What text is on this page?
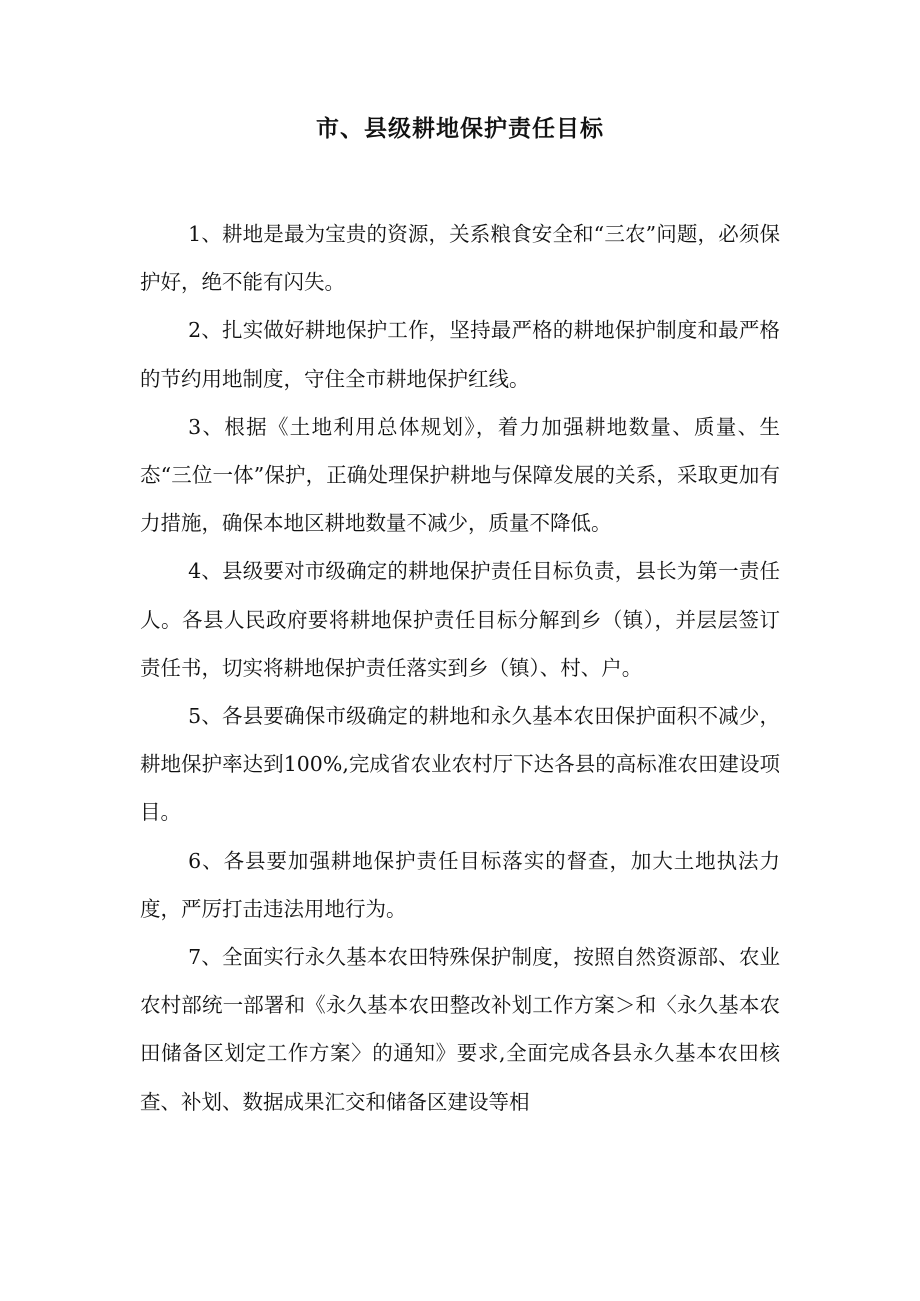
市、县级耕地保护责任目标

1、耕地是最为宝贵的资源，关系粮食安全和“三农”问题，必须保护好，绝不能有闪失。

2、扎实做好耕地保护工作，坚持最严格的耕地保护制度和最严格的节约用地制度，守住全市耕地保护红线。

3、根据《土地利用总体规划》，着力加强耕地数量、质量、生态“三位一体”保护，正确处理保护耕地与保障发展的关系，采取更加有力措施，确保本地区耕地数量不减少，质量不降低。

4、县级要对市级确定的耕地保护责任目标负责，县长为第一责任人。各县人民政府要将耕地保护责任目标分解到乡（镇），并层层签订责任书，切实将耕地保护责任落实到乡（镇）、村、户。

5、各县要确保市级确定的耕地和永久基本农田保护面积不减少，耕地保护率达到100%,完成省农业农村厅下达各县的高标准农田建设项目。

6、各县要加强耕地保护责任目标落实的督查，加大土地执法力度，严厉打击违法用地行为。

7、全面实行永久基本农田特殊保护制度，按照自然资源部、农业农村部统一部署和《永久基本农田整改补划工作方案＞和〈永久基本农田储备区划定工作方案〉的通知》要求,全面完成各县永久基本农田核查、补划、数据成果汇交和储备区建设等相
